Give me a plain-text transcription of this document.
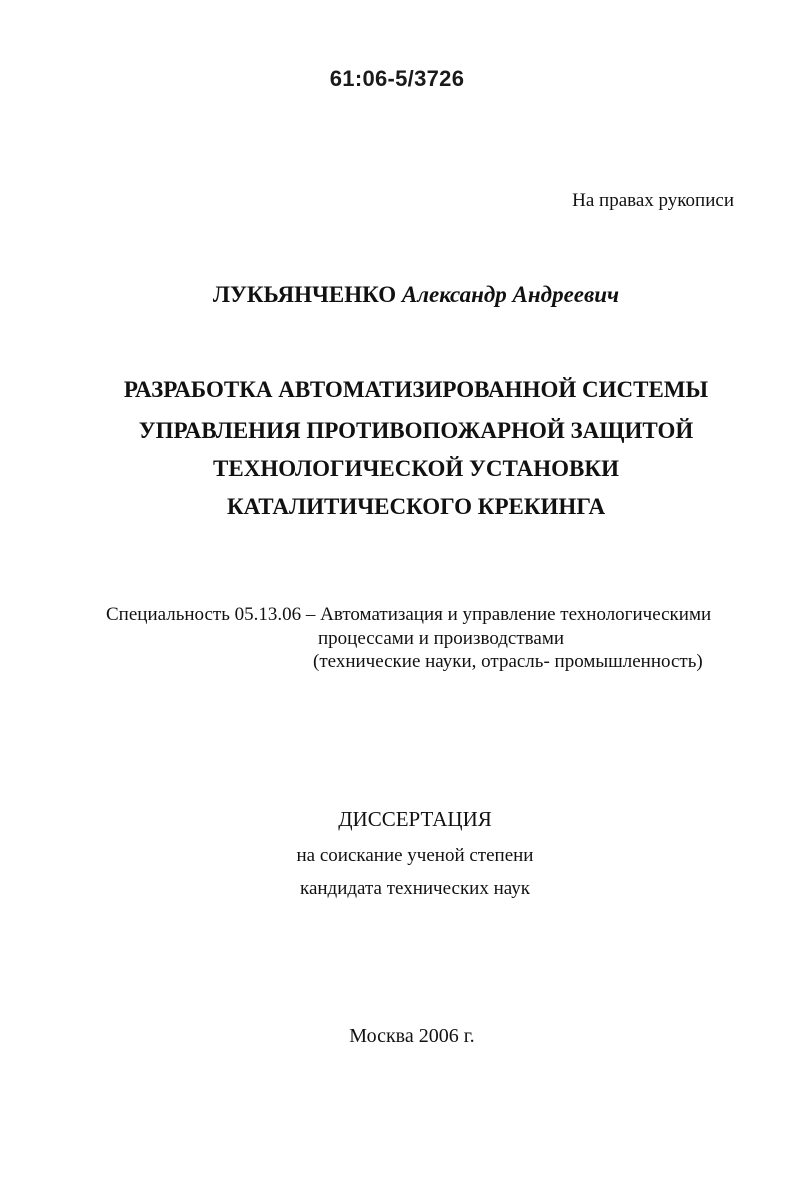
61:06-5/3726
На правах рукописи
ЛУКЬЯНЧЕНКО Александр Андреевич
РАЗРАБОТКА АВТОМАТИЗИРОВАННОЙ СИСТЕМЫ
УПРАВЛЕНИЯ ПРОТИВОПОЖАРНОЙ ЗАЩИТОЙ
ТЕХНОЛОГИЧЕСКОЙ УСТАНОВКИ
КАТАЛИТИЧЕСКОГО КРЕКИНГА
Специальность 05.13.06 – Автоматизация и управление технологическими
процессами и производствами
(технические науки, отрасль- промышленность)
ДИССЕРТАЦИЯ
на соискание ученой степени
кандидата технических наук
Москва 2006 г.
